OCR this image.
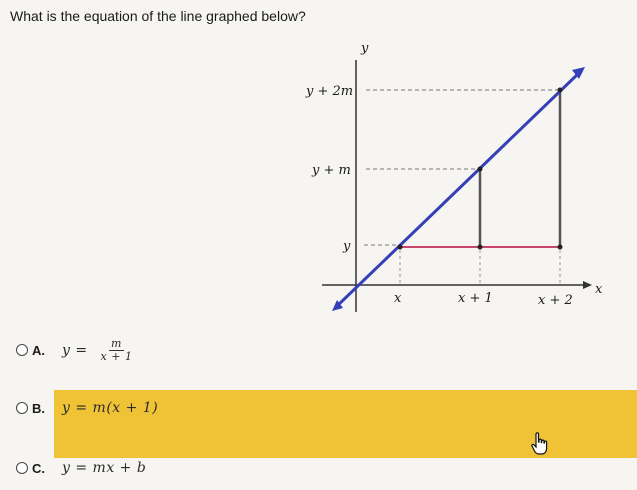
What is the equation of the line graphed below?
y
x
y + 2m
y + m
y
x	x + 1	x + 2
A. $y = \frac{m}{x + 1}$
B. y = m(x + 1)
C. y = mx + b
